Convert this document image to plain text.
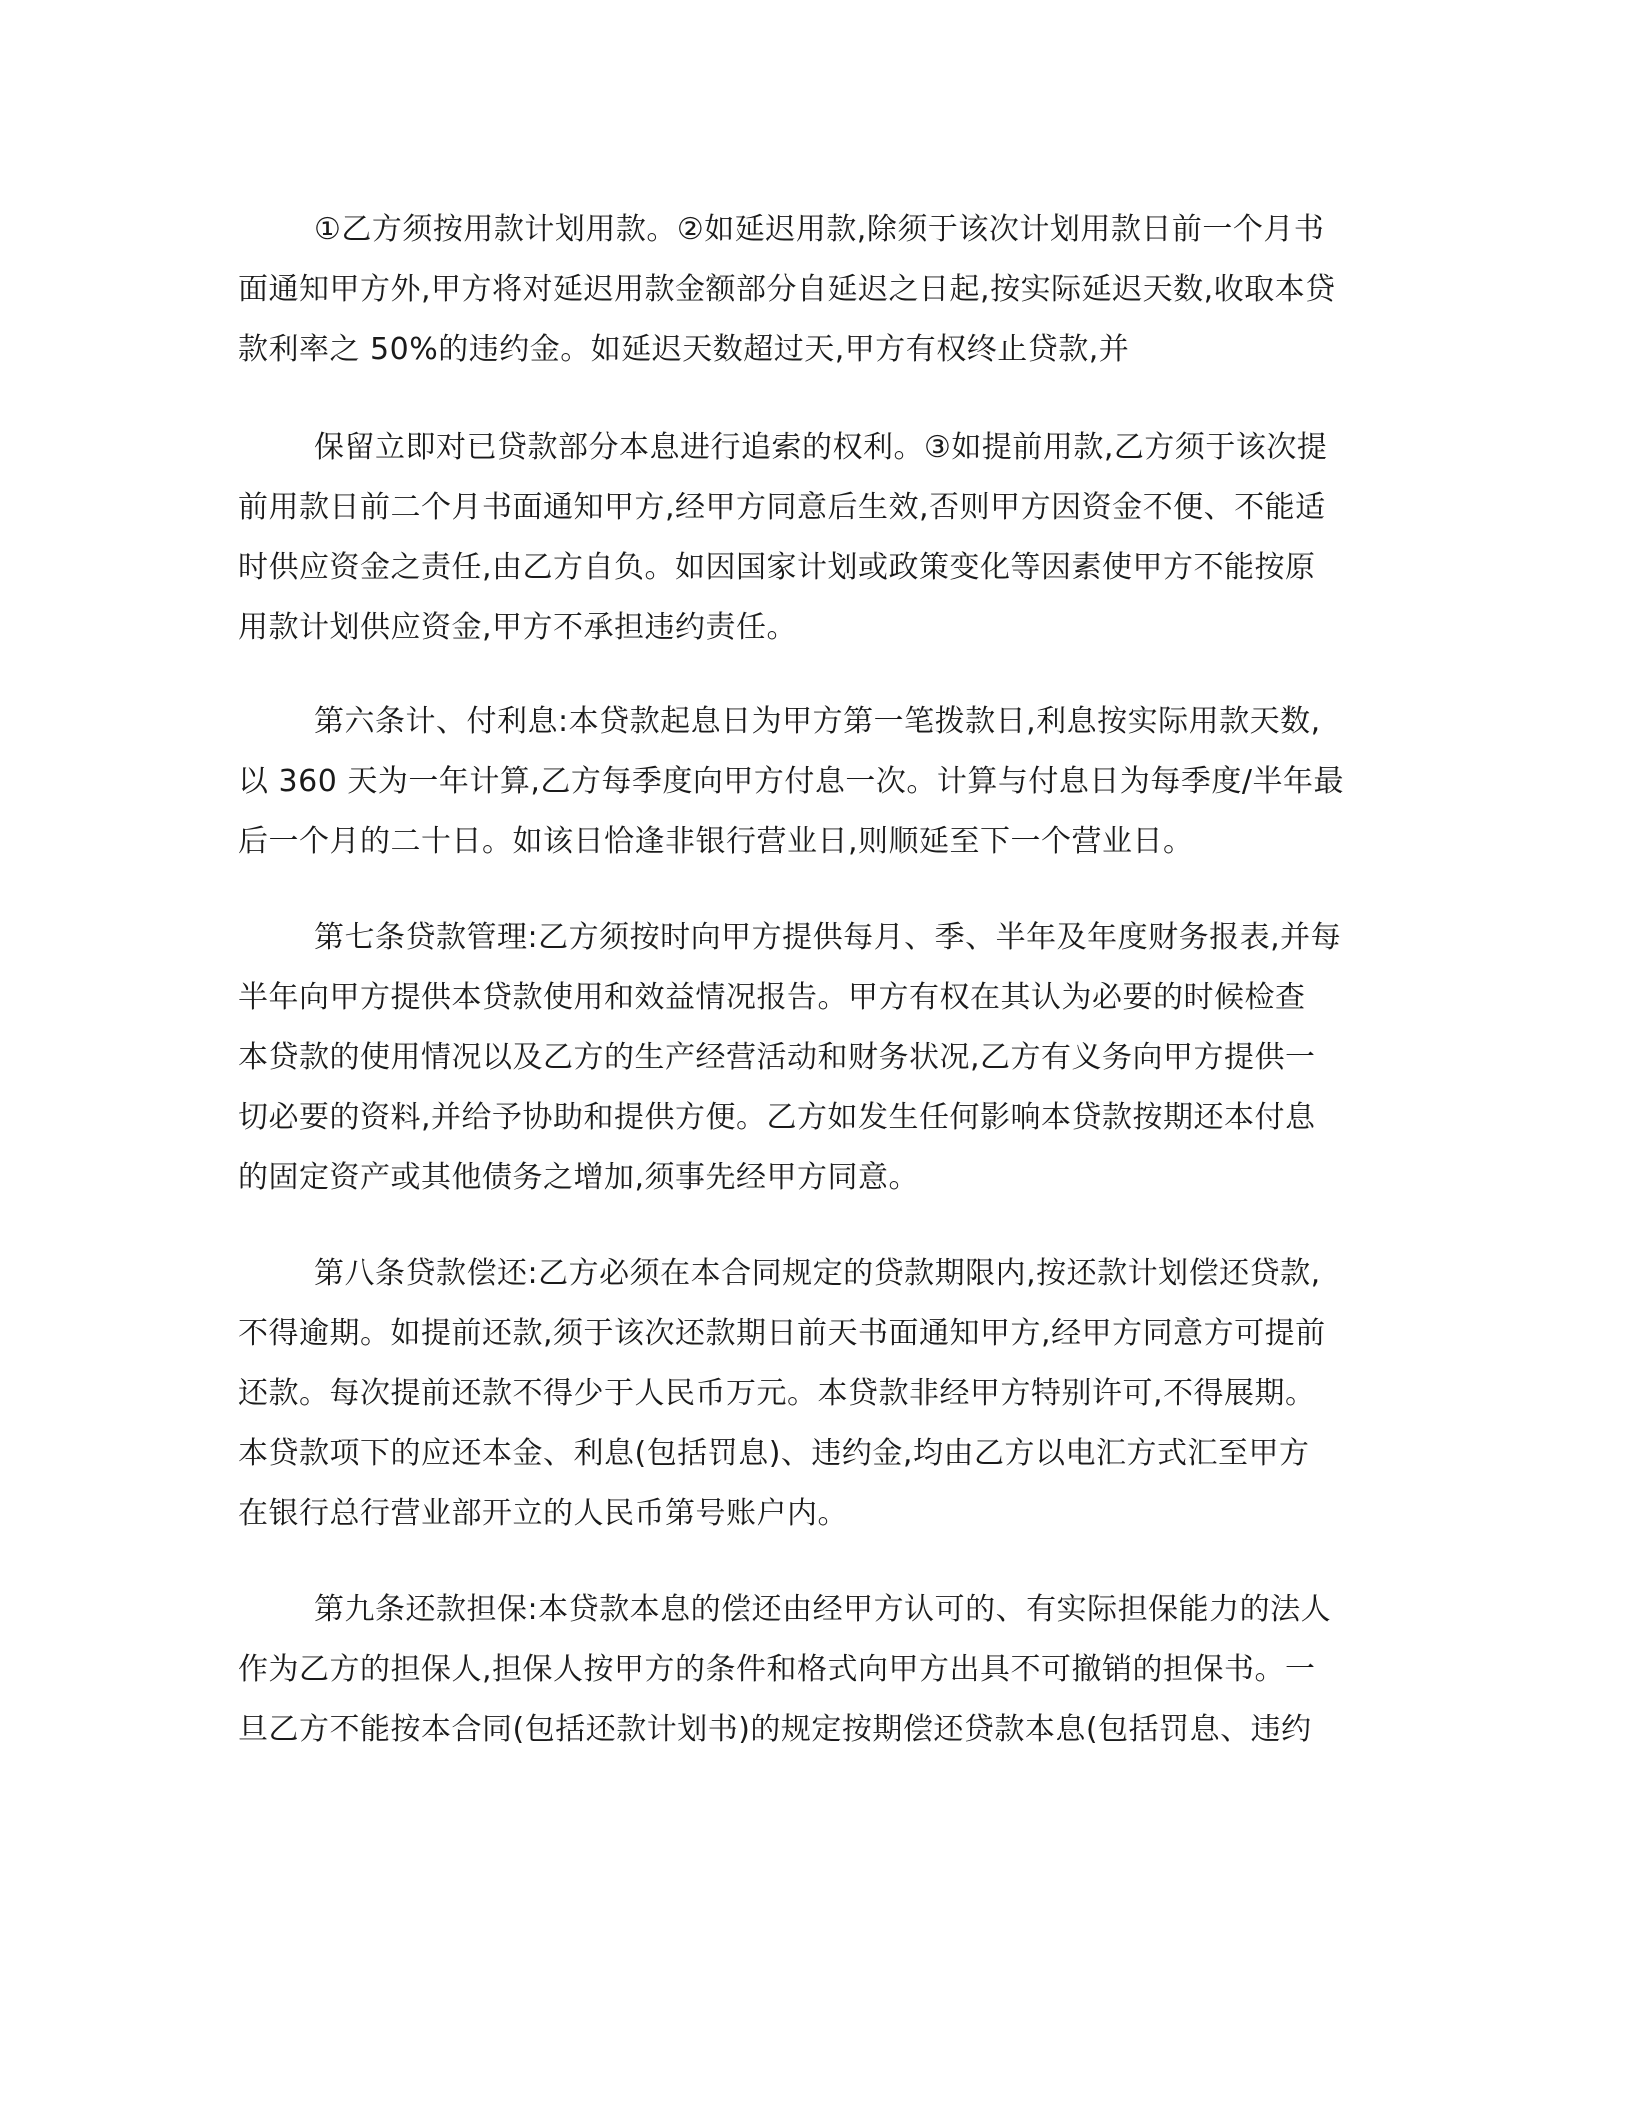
①乙方须按用款计划用款。②如延迟用款,除须于该次计划用款日前一个月书
面通知甲方外,甲方将对延迟用款金额部分自延迟之日起,按实际延迟天数,收取本贷
款利率之 50%的违约金。如延迟天数超过天,甲方有权终止贷款,并
保留立即对已贷款部分本息进行追索的权利。③如提前用款,乙方须于该次提
前用款日前二个月书面通知甲方,经甲方同意后生效,否则甲方因资金不便、不能适
时供应资金之责任,由乙方自负。如因国家计划或政策变化等因素使甲方不能按原
用款计划供应资金,甲方不承担违约责任。
第六条计、付利息:本贷款起息日为甲方第一笔拨款日,利息按实际用款天数,
以 360 天为一年计算,乙方每季度向甲方付息一次。计算与付息日为每季度/半年最
后一个月的二十日。如该日恰逢非银行营业日,则顺延至下一个营业日。
第七条贷款管理:乙方须按时向甲方提供每月、季、半年及年度财务报表,并每
半年向甲方提供本贷款使用和效益情况报告。甲方有权在其认为必要的时候检查
本贷款的使用情况以及乙方的生产经营活动和财务状况,乙方有义务向甲方提供一
切必要的资料,并给予协助和提供方便。乙方如发生任何影响本贷款按期还本付息
的固定资产或其他债务之增加,须事先经甲方同意。
第八条贷款偿还:乙方必须在本合同规定的贷款期限内,按还款计划偿还贷款,
不得逾期。如提前还款,须于该次还款期日前天书面通知甲方,经甲方同意方可提前
还款。每次提前还款不得少于人民币万元。本贷款非经甲方特别许可,不得展期。
本贷款项下的应还本金、利息(包括罚息)、违约金,均由乙方以电汇方式汇至甲方
在银行总行营业部开立的人民币第号账户内。
第九条还款担保:本贷款本息的偿还由经甲方认可的、有实际担保能力的法人
作为乙方的担保人,担保人按甲方的条件和格式向甲方出具不可撤销的担保书。一
旦乙方不能按本合同(包括还款计划书)的规定按期偿还贷款本息(包括罚息、违约
